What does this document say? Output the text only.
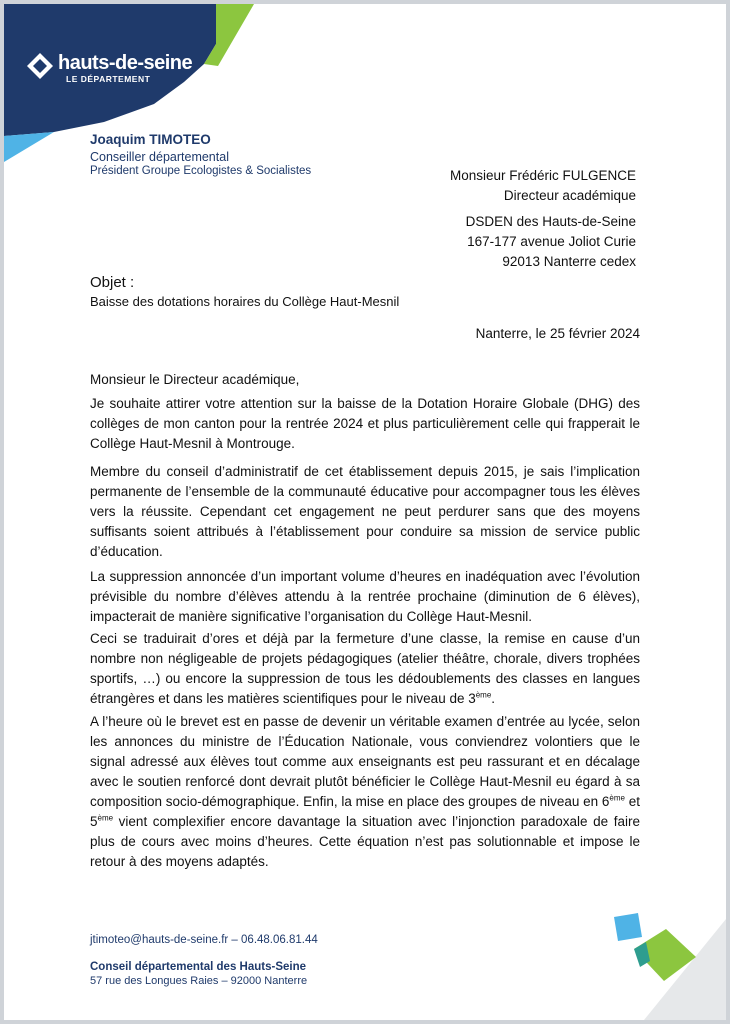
hauts-de-seine
LE DÉPARTEMENT
Joaquim TIMOTEO
Conseiller départemental
Président Groupe Ecologistes & Socialistes	Monsieur Frédéric FULGENCE
Directeur académique
DSDEN des Hauts-de-Seine
167-177 avenue Joliot Curie
92013 Nanterre cedex
Objet :
Baisse des dotations horaires du Collège Haut-Mesnil
Nanterre, le 25 février 2024
Monsieur le Directeur académique,

Je souhaite attirer votre attention sur la baisse de la Dotation Horaire Globale (DHG) des collèges de mon canton pour la rentrée 2024 et plus particulièrement celle qui frapperait le Collège Haut-Mesnil à Montrouge.

Membre du conseil d’administratif de cet établissement depuis 2015, je sais l’implication permanente de l’ensemble de la communauté éducative pour accompagner tous les élèves vers la réussite. Cependant cet engagement ne peut perdurer sans que des moyens suffisants soient attribués à l’établissement pour conduire sa mission de service public d’éducation.

La suppression annoncée d’un important volume d’heures en inadéquation avec l’évolution prévisible du nombre d’élèves attendu à la rentrée prochaine (diminution de 6 élèves), impacterait de manière significative l’organisation du Collège Haut-Mesnil.

Ceci se traduirait d’ores et déjà par la fermeture d’une classe, la remise en cause d’un nombre non négligeable de projets pédagogiques (atelier théâtre, chorale, divers trophées sportifs, …) ou encore la suppression de tous les dédoublements des classes en langues étrangères et dans les matières scientifiques pour le niveau de 3ème.

A l’heure où le brevet est en passe de devenir un véritable examen d’entrée au lycée, selon les annonces du ministre de l’Éducation Nationale, vous conviendrez volontiers que le signal adressé aux élèves tout comme aux enseignants est peu rassurant et en décalage avec le soutien renforcé dont devrait plutôt bénéficier le Collège Haut-Mesnil eu égard à sa composition socio-démographique. Enfin, la mise en place des groupes de niveau en 6ème et 5ème vient complexifier encore davantage la situation avec l’injonction paradoxale de faire plus de cours avec moins d’heures. Cette équation n’est pas solutionnable et impose le retour à des moyens adaptés.

jtimoteo@hauts-de-seine.fr – 06.48.06.81.44
Conseil départemental des Hauts-Seine
57 rue des Longues Raies – 92000 Nanterre
